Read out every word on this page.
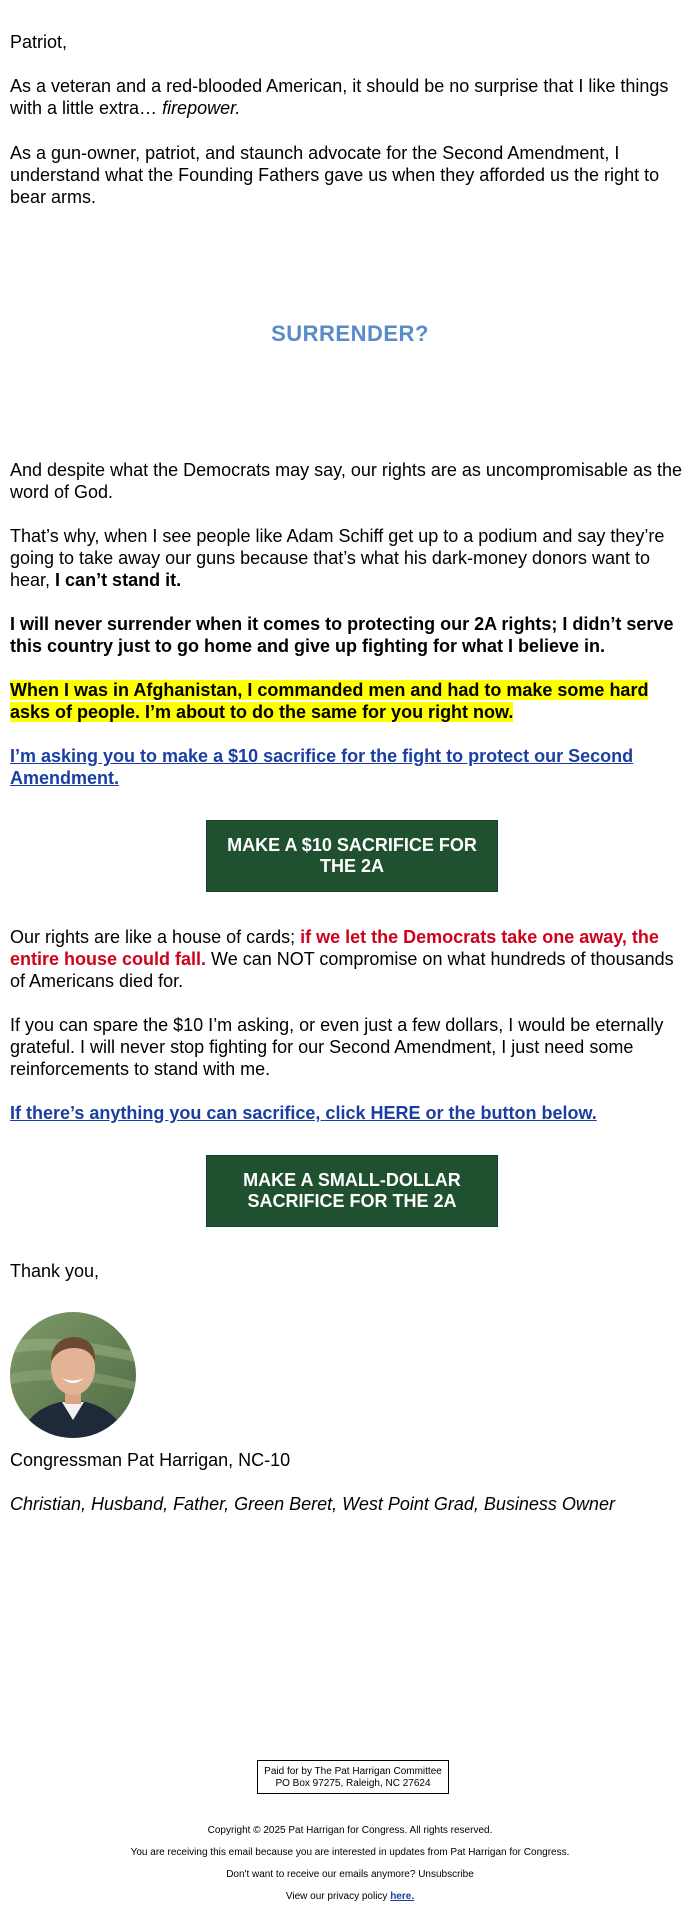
Patriot,

As a veteran and a red-blooded American, it should be no surprise that I like things with a little extra… firepower.

As a gun-owner, patriot, and staunch advocate for the Second Amendment, I understand what the Founding Fathers gave us when they afforded us the right to bear arms.

SURRENDER?

And despite what the Democrats may say, our rights are as uncompromisable as the word of God.

That’s why, when I see people like Adam Schiff get up to a podium and say they’re going to take away our guns because that’s what his dark-money donors want to hear, I can’t stand it.

I will never surrender when it comes to protecting our 2A rights; I didn’t serve this country just to go home and give up fighting for what I believe in.

When I was in Afghanistan, I commanded men and had to make some hard asks of people. I’m about to do the same for you right now.

I’m asking you to make a $10 sacrifice for the fight to protect our Second Amendment.

MAKE A $10 SACRIFICE FOR THE 2A

Our rights are like a house of cards; if we let the Democrats take one away, the entire house could fall. We can NOT compromise on what hundreds of thousands of Americans died for.

If you can spare the $10 I’m asking, or even just a few dollars, I would be eternally grateful. I will never stop fighting for our Second Amendment, I just need some reinforcements to stand with me.

If there’s anything you can sacrifice, click HERE or the button below.

MAKE A SMALL-DOLLAR SACRIFICE FOR THE 2A

Thank you,

Congressman Pat Harrigan, NC-10

Christian, Husband, Father, Green Beret, West Point Grad, Business Owner

Paid for by The Pat Harrigan Committee
PO Box 97275, Raleigh, NC 27624
Copyright © 2025 Pat Harrigan for Congress. All rights reserved.
You are receiving this email because you are interested in updates from Pat Harrigan for Congress.
Don't want to receive our emails anymore? Unsubscribe
View our privacy policy here.
